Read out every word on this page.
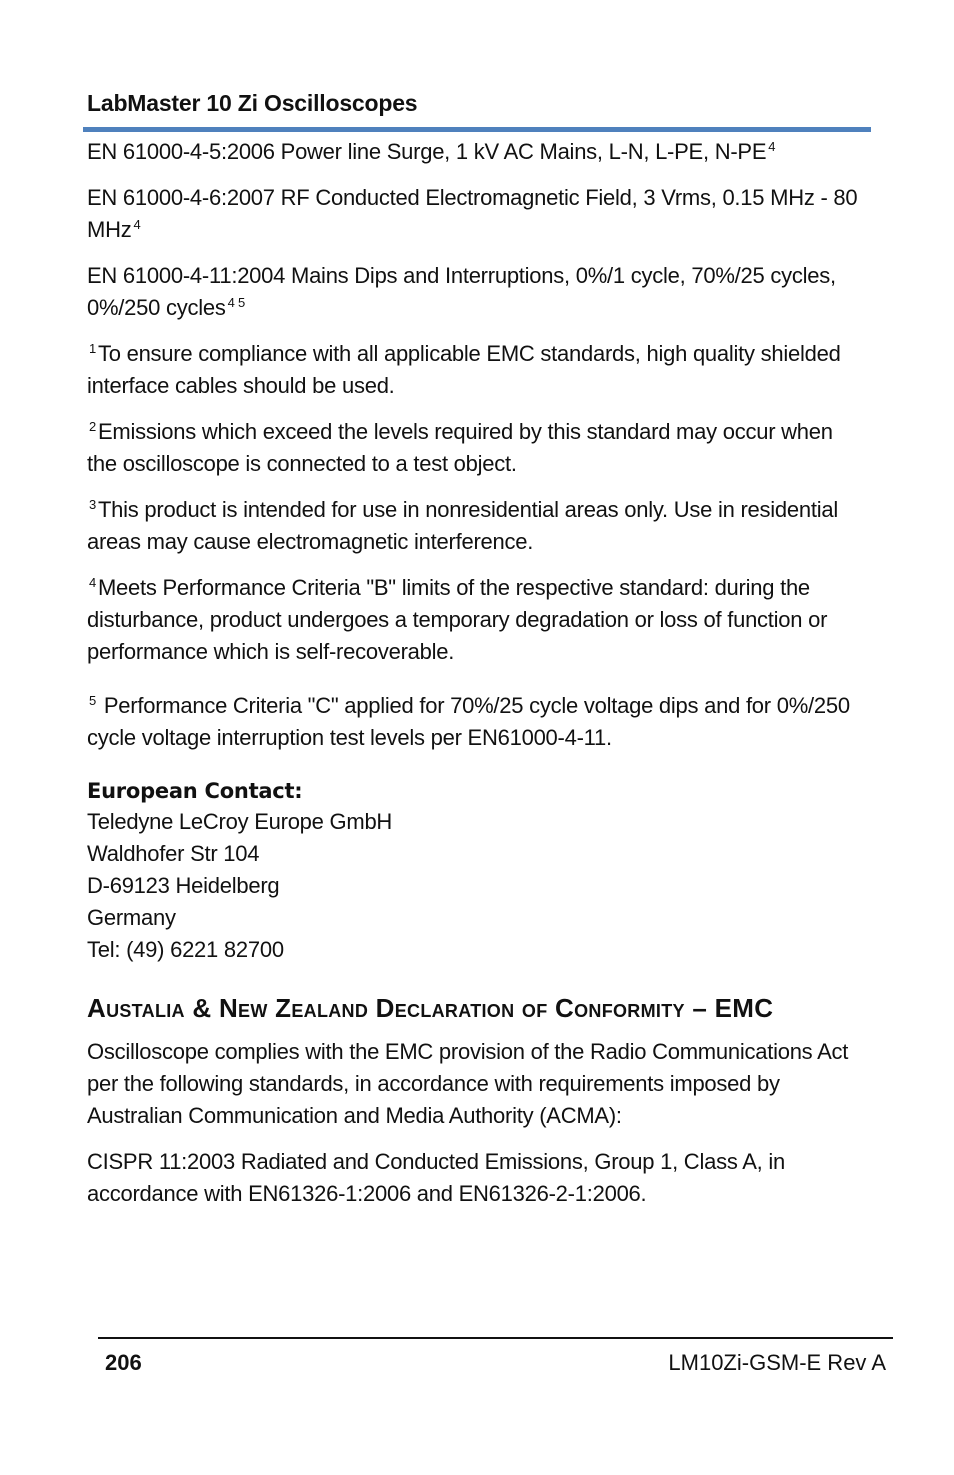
LabMaster 10 Zi Oscilloscopes

EN 61000-4-5:2006 Power line Surge, 1 kV AC Mains, L-N, L-PE, N-PE $^4$

EN 61000-4-6:2007 RF Conducted Electromagnetic Field, 3 Vrms, 0.15 MHz - 80 MHz $^4$

EN 61000-4-11:2004 Mains Dips and Interruptions, 0%/1 cycle, 70%/25 cycles, 0%/250 cycles $^{4 5}$

$^1$To ensure compliance with all applicable EMC standards, high quality shielded interface cables should be used.

$^2$Emissions which exceed the levels required by this standard may occur when the oscilloscope is connected to a test object.

$^3$This product is intended for use in nonresidential areas only. Use in residential areas may cause electromagnetic interference.

$^4$Meets Performance Criteria "B" limits of the respective standard: during the disturbance, product undergoes a temporary degradation or loss of function or performance which is self-recoverable.

$^5$ Performance Criteria "C" applied for 70%/25 cycle voltage dips and for 0%/250 cycle voltage interruption test levels per EN61000-4-11.

European Contact:
Teledyne LeCroy Europe GmbH
Waldhofer Str 104
D-69123 Heidelberg
Germany
Tel: (49) 6221 82700
Austalia & New Zealand Declaration of Conformity – EMC

Oscilloscope complies with the EMC provision of the Radio Communications Act per the following standards, in accordance with requirements imposed by Australian Communication and Media Authority (ACMA):

CISPR 11:2003 Radiated and Conducted Emissions, Group 1, Class A, in accordance with EN61326-1:2006 and EN61326-2-1:2006.

206	LM10Zi-GSM-E Rev A
